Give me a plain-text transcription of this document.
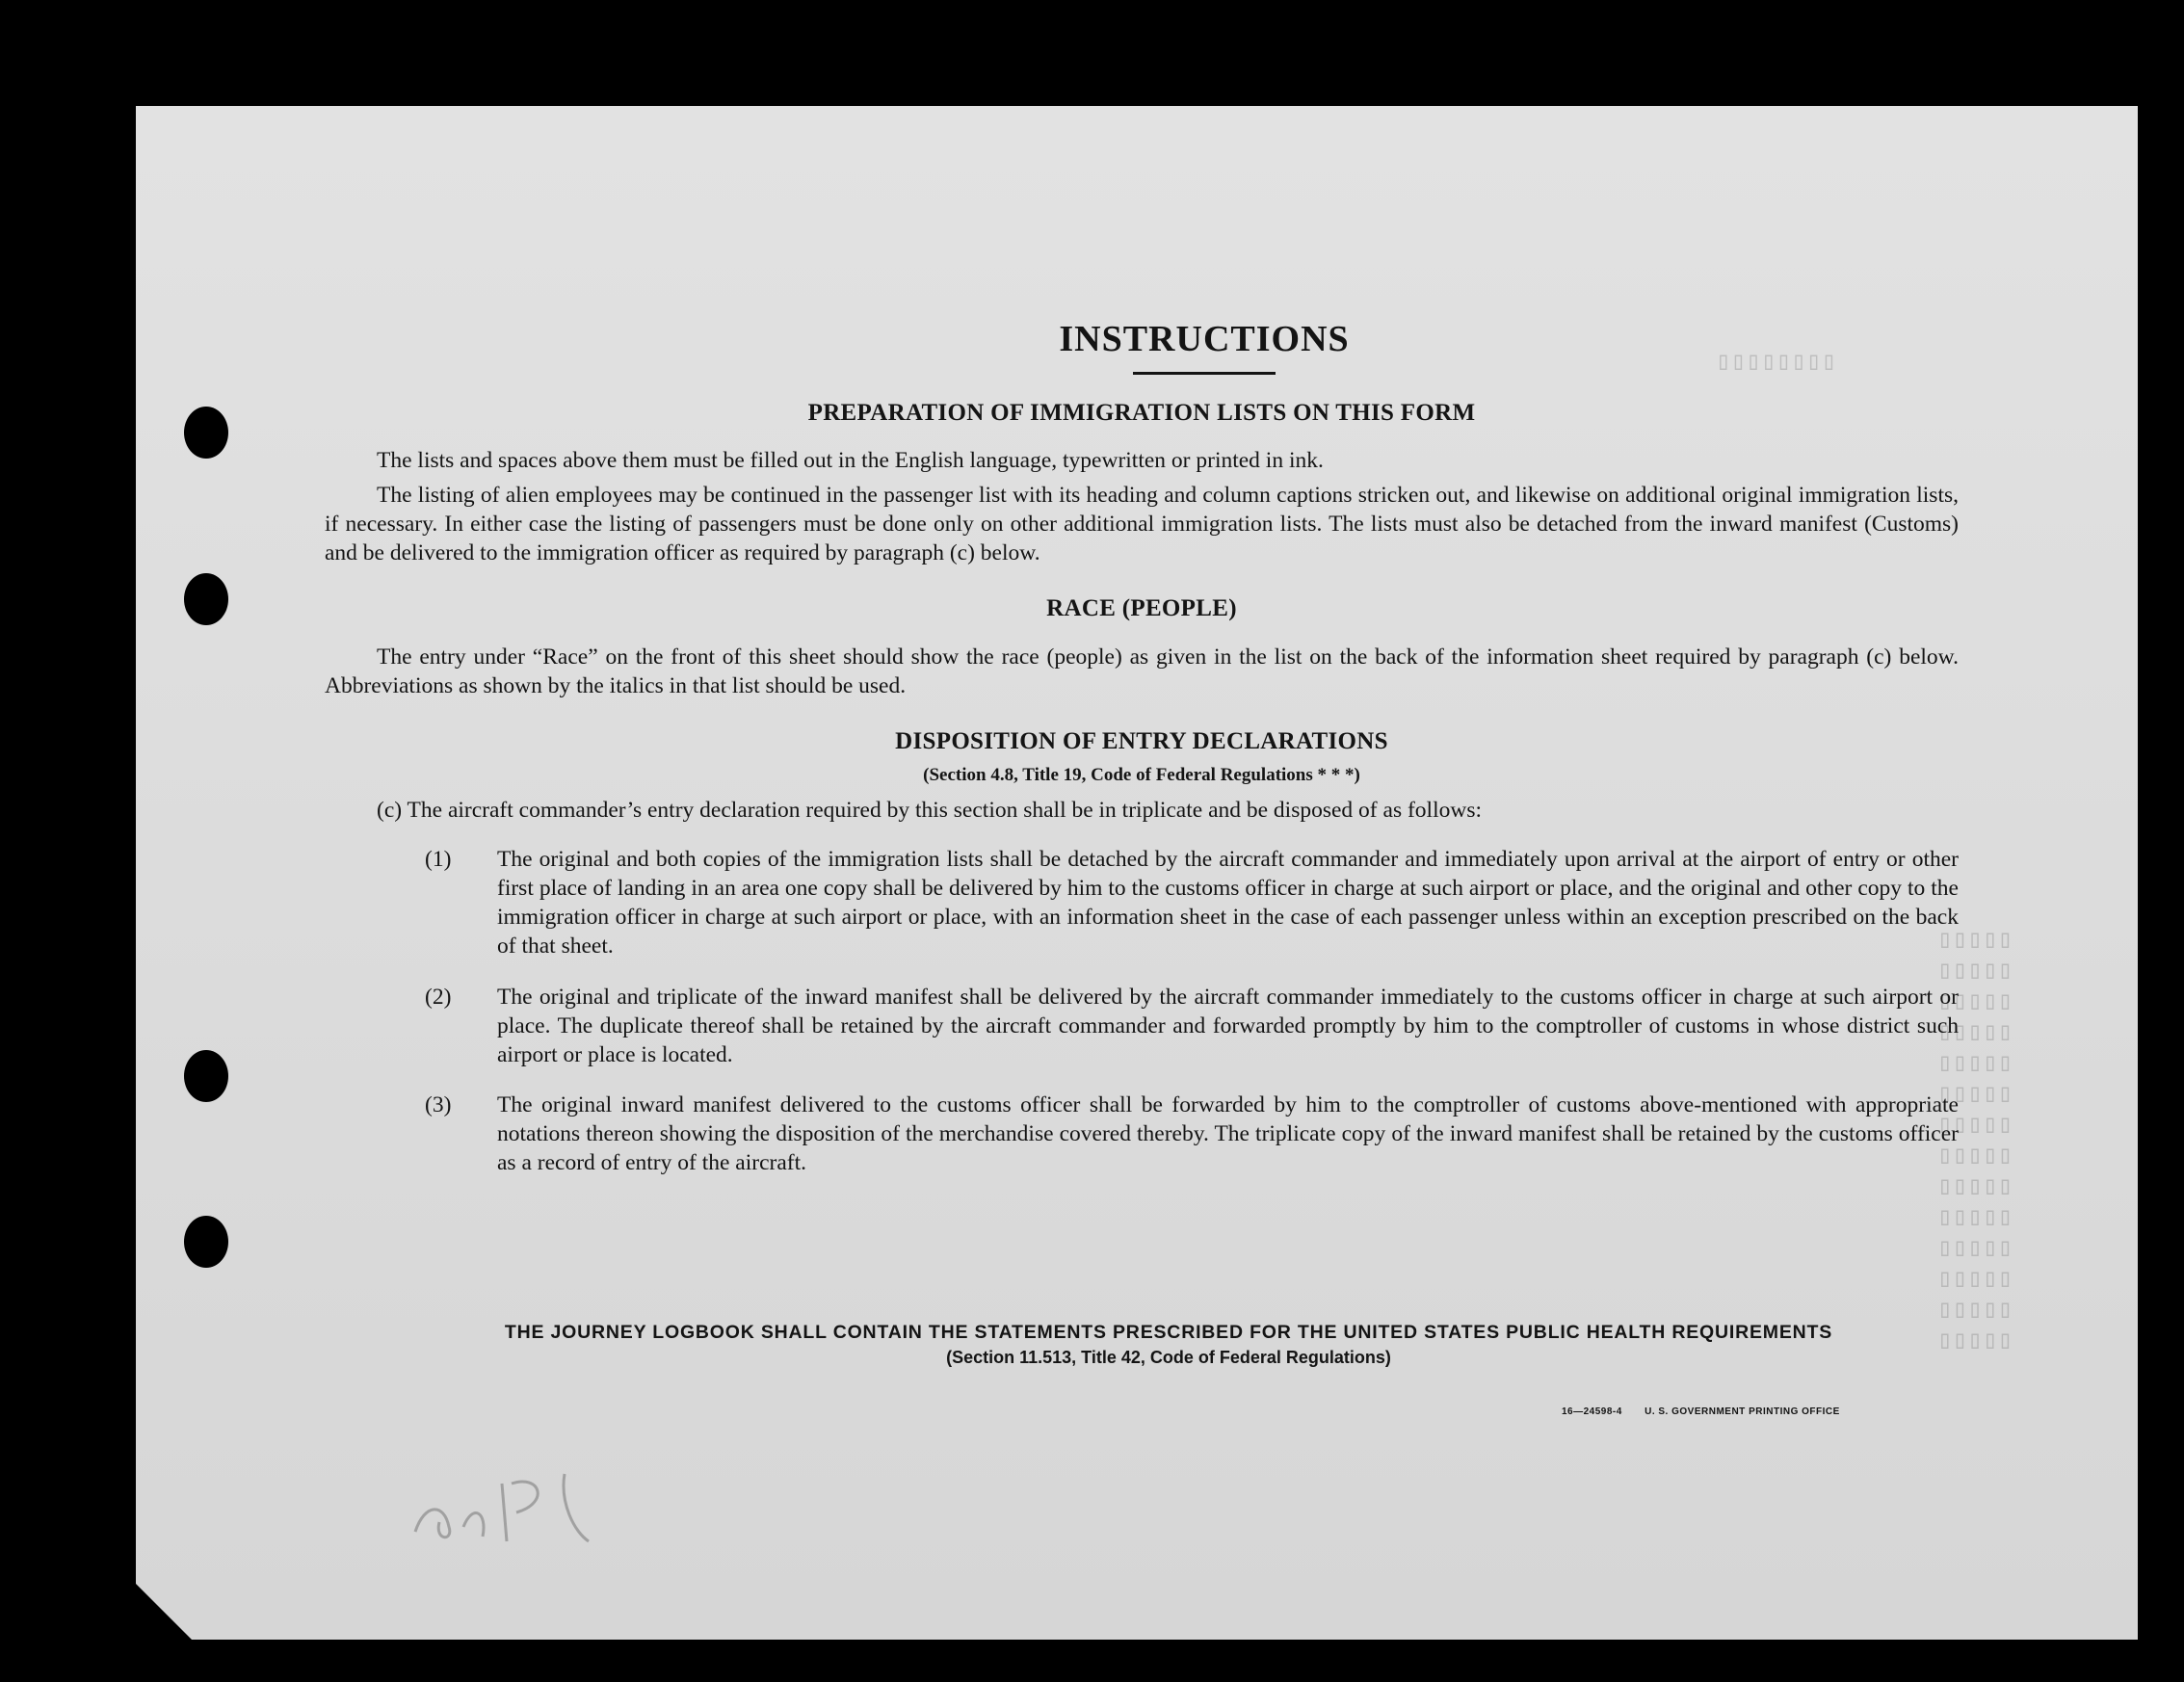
▯▯▯▯▯▯▯▯
▯▯▯▯▯
▯▯▯▯▯
▯▯▯▯▯
▯▯▯▯▯
▯▯▯▯▯
▯▯▯▯▯
▯▯▯▯▯
▯▯▯▯▯
▯▯▯▯▯
▯▯▯▯▯
▯▯▯▯▯
▯▯▯▯▯
▯▯▯▯▯
▯▯▯▯▯
INSTRUCTIONS
PREPARATION OF IMMIGRATION LISTS ON THIS FORM

The lists and spaces above them must be filled out in the English language, typewritten or printed in ink.

The listing of alien employees may be continued in the passenger list with its heading and column captions stricken out, and likewise on additional original immigration lists, if necessary. In either case the listing of passengers must be done only on other additional immigration lists. The lists must also be detached from the inward manifest (Customs) and be delivered to the immigration officer as required by paragraph (c) below.

RACE (PEOPLE)

The entry under “Race” on the front of this sheet should show the race (people) as given in the list on the back of the information sheet required by paragraph (c) below. Abbreviations as shown by the italics in that list should be used.

DISPOSITION OF ENTRY DECLARATIONS
(Section 4.8, Title 19, Code of Federal Regulations * * *)
(c) The aircraft commander’s entry declaration required by this section shall be in triplicate and be disposed of as follows:
(1) The original and both copies of the immigration lists shall be detached by the aircraft commander and immediately upon arrival at the airport of entry or other first place of landing in an area one copy shall be delivered by him to the customs officer in charge at such airport or place, and the original and other copy to the immigration officer in charge at such airport or place, with an information sheet in the case of each passenger unless within an exception prescribed on the back of that sheet.
(2) The original and triplicate of the inward manifest shall be delivered by the aircraft commander immediately to the customs officer in charge at such airport or place. The duplicate thereof shall be retained by the aircraft commander and forwarded promptly by him to the comptroller of customs in whose district such airport or place is located.
(3) The original inward manifest delivered to the customs officer shall be forwarded by him to the comptroller of customs above-mentioned with appropriate notations thereon showing the disposition of the merchandise covered thereby. The triplicate copy of the inward manifest shall be retained by the customs officer as a record of entry of the aircraft.
THE JOURNEY LOGBOOK SHALL CONTAIN THE STATEMENTS PRESCRIBED FOR THE UNITED STATES PUBLIC HEALTH REQUIREMENTS
(Section 11.513, Title 42, Code of Federal Regulations)
16—24598-4 U. S. GOVERNMENT PRINTING OFFICE
